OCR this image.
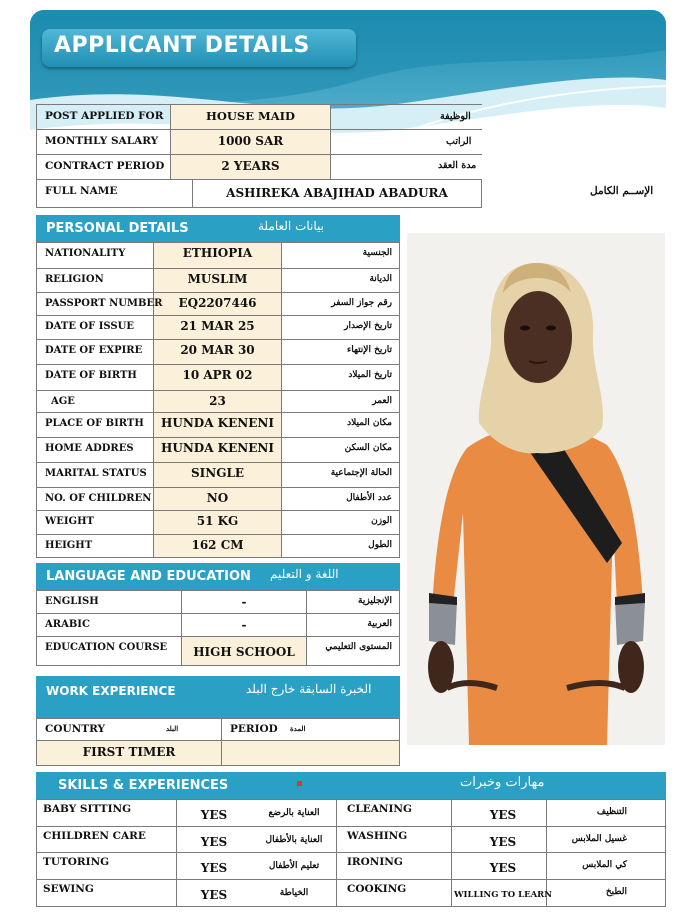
APPLICANT DETAILS
POST APPLIED FOR	HOUSE MAID	الوظيفة
MONTHLY SALARY	1000 SAR	الراتب
CONTRACT PERIOD	2 YEARS	مدة العقد
FULL NAME	ASHIREKA ABAJIHAD ABADURA	الإســم الكامل
PERSONAL DETAILS	بيانات العاملة
NATIONALITY	ETHIOPIA	الجنسية
RELIGION	MUSLIM	الديانة
PASSPORT NUMBER	EQ2207446	رقم جواز السفر
DATE OF ISSUE	21 MAR 25	تاريخ الإصدار
DATE OF EXPIRE	20 MAR 30	تاريخ الإنتهاء
DATE OF BIRTH	10 APR 02	تاريخ الميلاد
AGE	23	العمر
PLACE OF BIRTH	HUNDA KENENI	مكان الميلاد
HOME ADDRES	HUNDA KENENI	مكان السكن
MARITAL STATUS	SINGLE	الحالة الإجتماعية
NO. OF CHILDREN	NO	عدد الأطفال
WEIGHT	51 KG	الوزن
HEIGHT	162 CM	الطول
LANGUAGE AND EDUCATION اللغة و التعليم
ENGLISH	-	الإنجليزية
ARABIC	-	العربية
EDUCATION COURSE	HIGH SCHOOL	المستوى التعليمي
WORK EXPERIENCE	الخبرة السابقة خارج البلد
COUNTRY	البلد	PERIOD المدة
FIRST TIMER
SKILLS & EXPERIENCES	مهارات وخبرات
BABY SITTING	YES	العناية بالرضع	CLEANING	YES	التنظيف
CHILDREN CARE	YES	العناية بالأطفال	WASHING	YES	غسيل الملابس
TUTORING	YES	تعليم الأطفال	IRONING	YES	كي الملابس
SEWING	YES	الخياطة	COOKING	WILLING TO LEARN	الطبخ
